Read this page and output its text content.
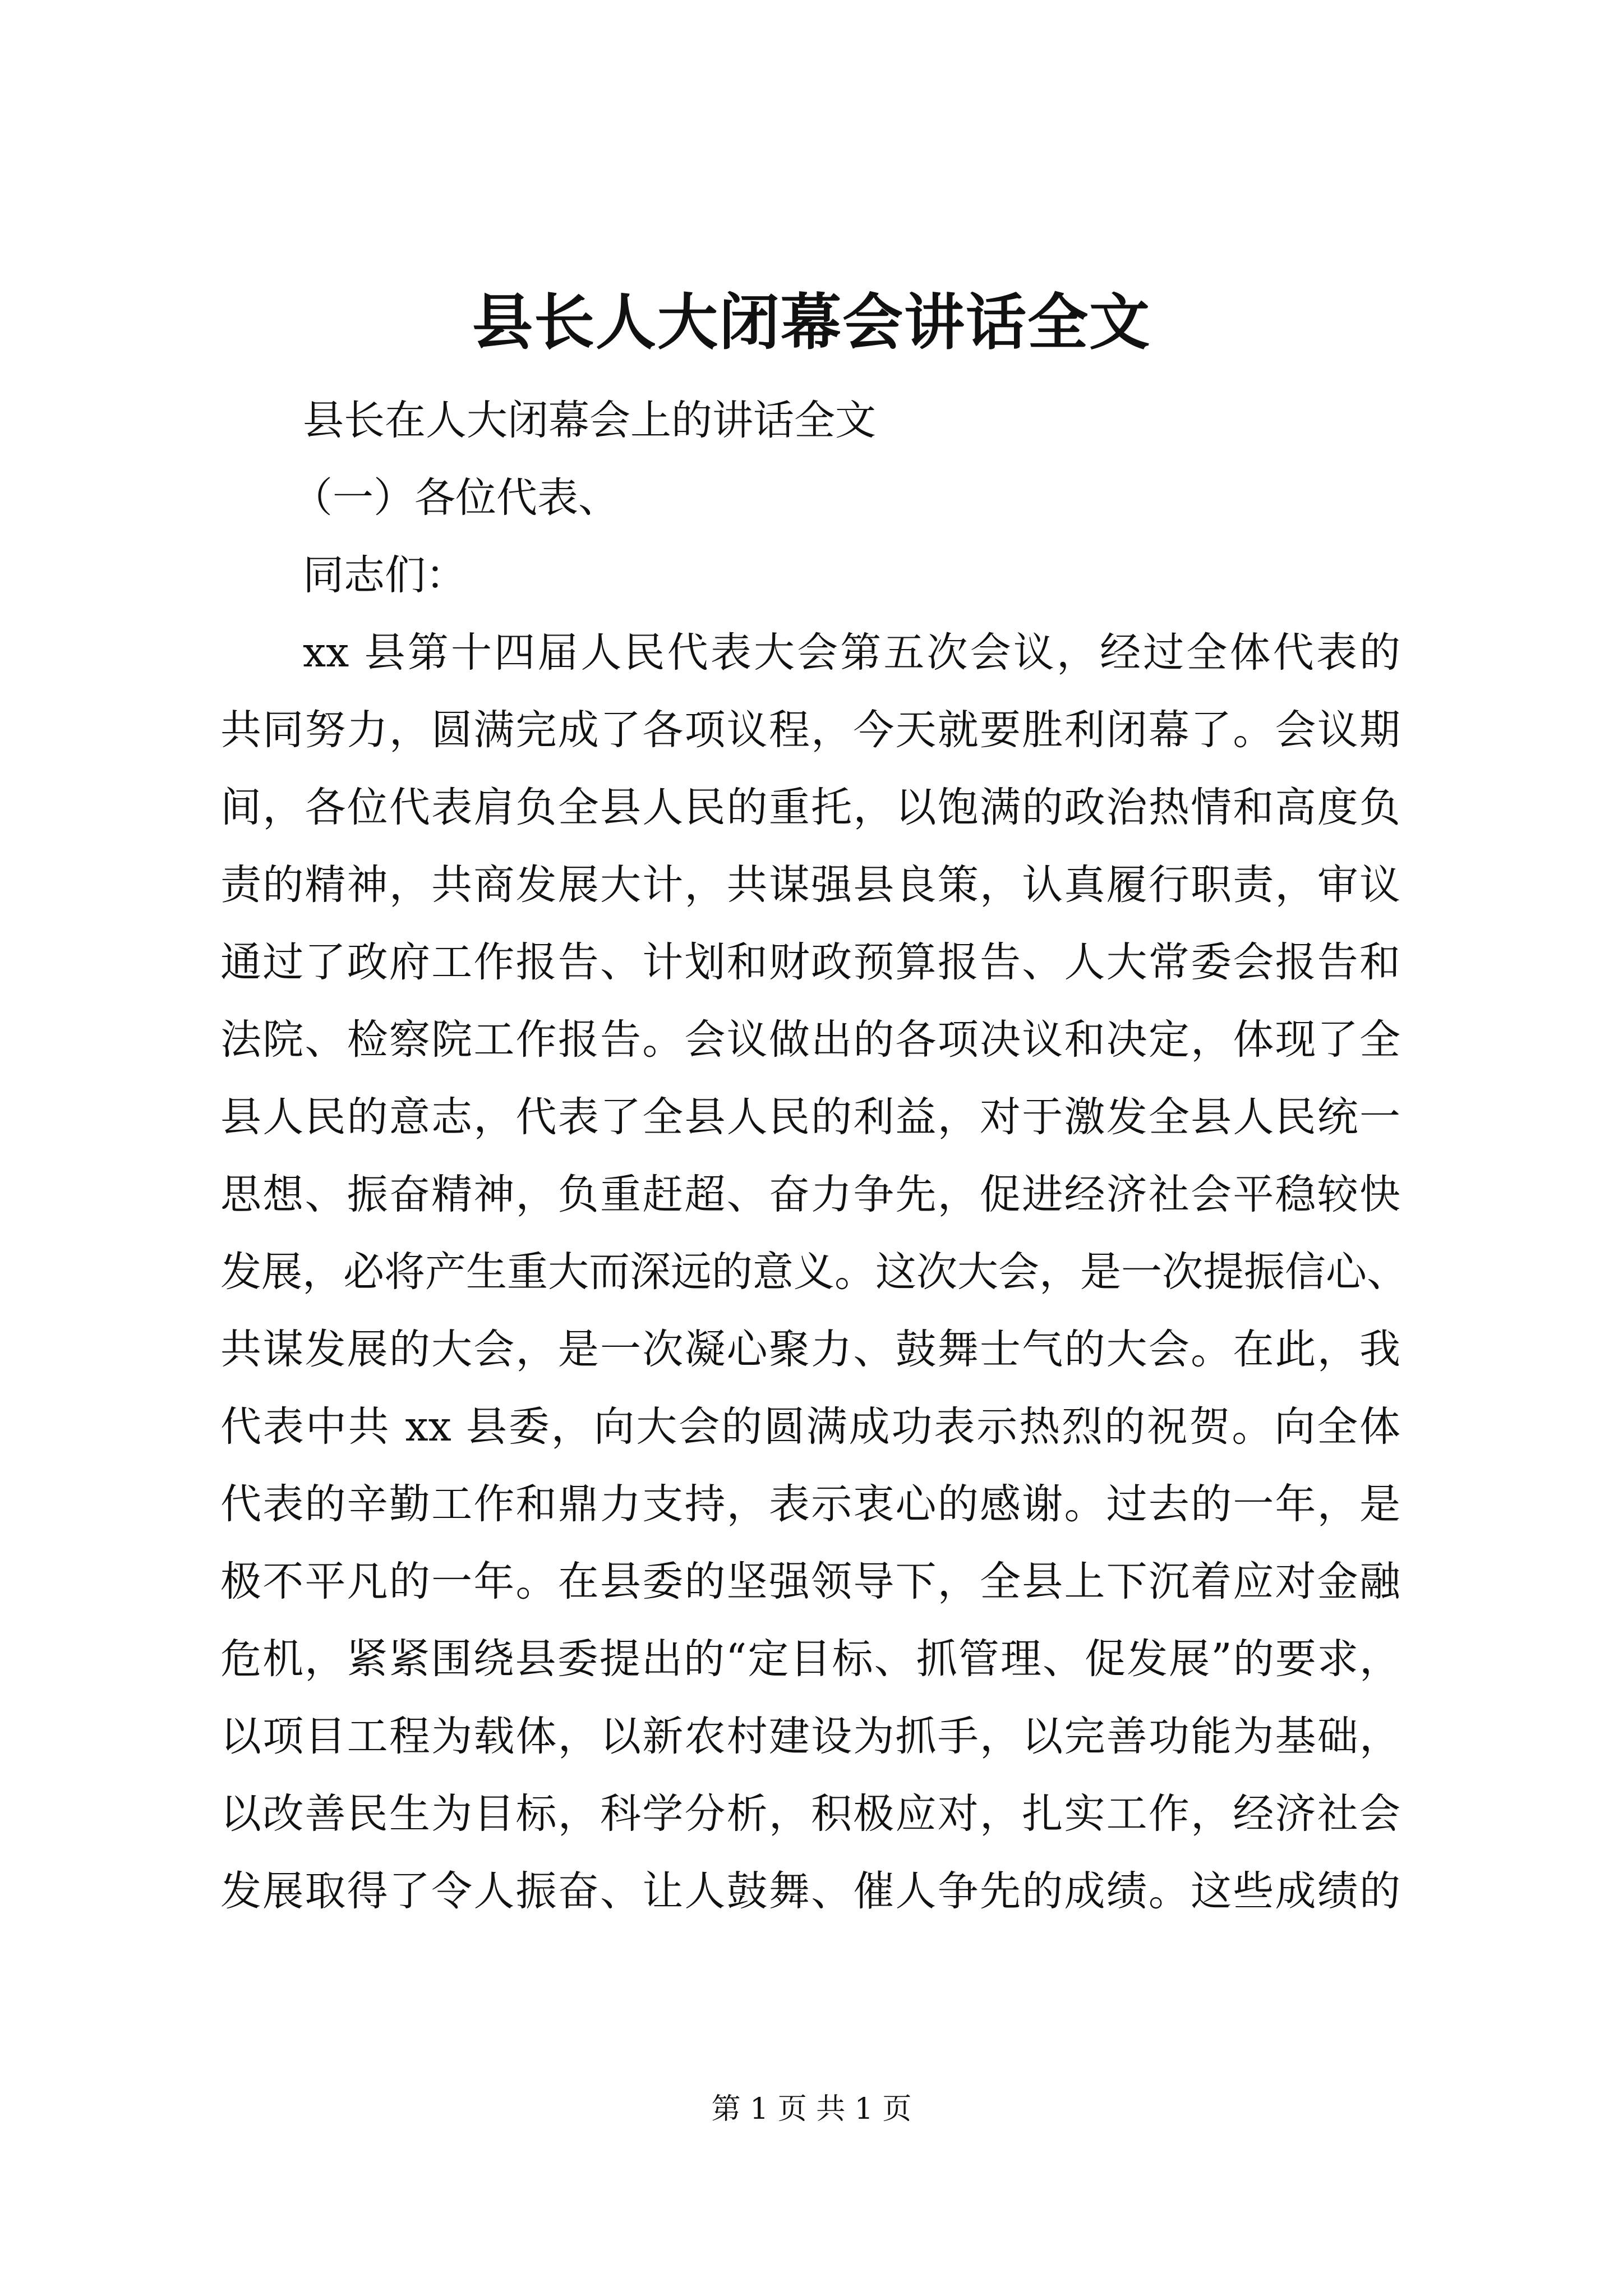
县长人大闭幕会讲话全文
县长在人大闭幕会上的讲话全文
（一）各位代表、
同志们：
xx 县第十四届人民代表大会第五次会议，经过全体代表的
共同努力，圆满完成了各项议程，今天就要胜利闭幕了。会议期
间，各位代表肩负全县人民的重托，以饱满的政治热情和高度负
责的精神，共商发展大计，共谋强县良策，认真履行职责，审议
通过了政府工作报告、计划和财政预算报告、人大常委会报告和
法院、检察院工作报告。会议做出的各项决议和决定，体现了全
县人民的意志，代表了全县人民的利益，对于激发全县人民统一
思想、振奋精神，负重赶超、奋力争先，促进经济社会平稳较快
发展，必将产生重大而深远的意义。这次大会，是一次提振信心、
共谋发展的大会，是一次凝心聚力、鼓舞士气的大会。在此，我
代表中共 xx 县委，向大会的圆满成功表示热烈的祝贺。向全体
代表的辛勤工作和鼎力支持，表示衷心的感谢。过去的一年，是
极不平凡的一年。在县委的坚强领导下，全县上下沉着应对金融
危机，紧紧围绕县委提出的“定目标、抓管理、促发展”的要求，
以项目工程为载体，以新农村建设为抓手，以完善功能为基础，
以改善民生为目标，科学分析，积极应对，扎实工作，经济社会
发展取得了令人振奋、让人鼓舞、催人争先的成绩。这些成绩的
第 1 页 共 1 页
